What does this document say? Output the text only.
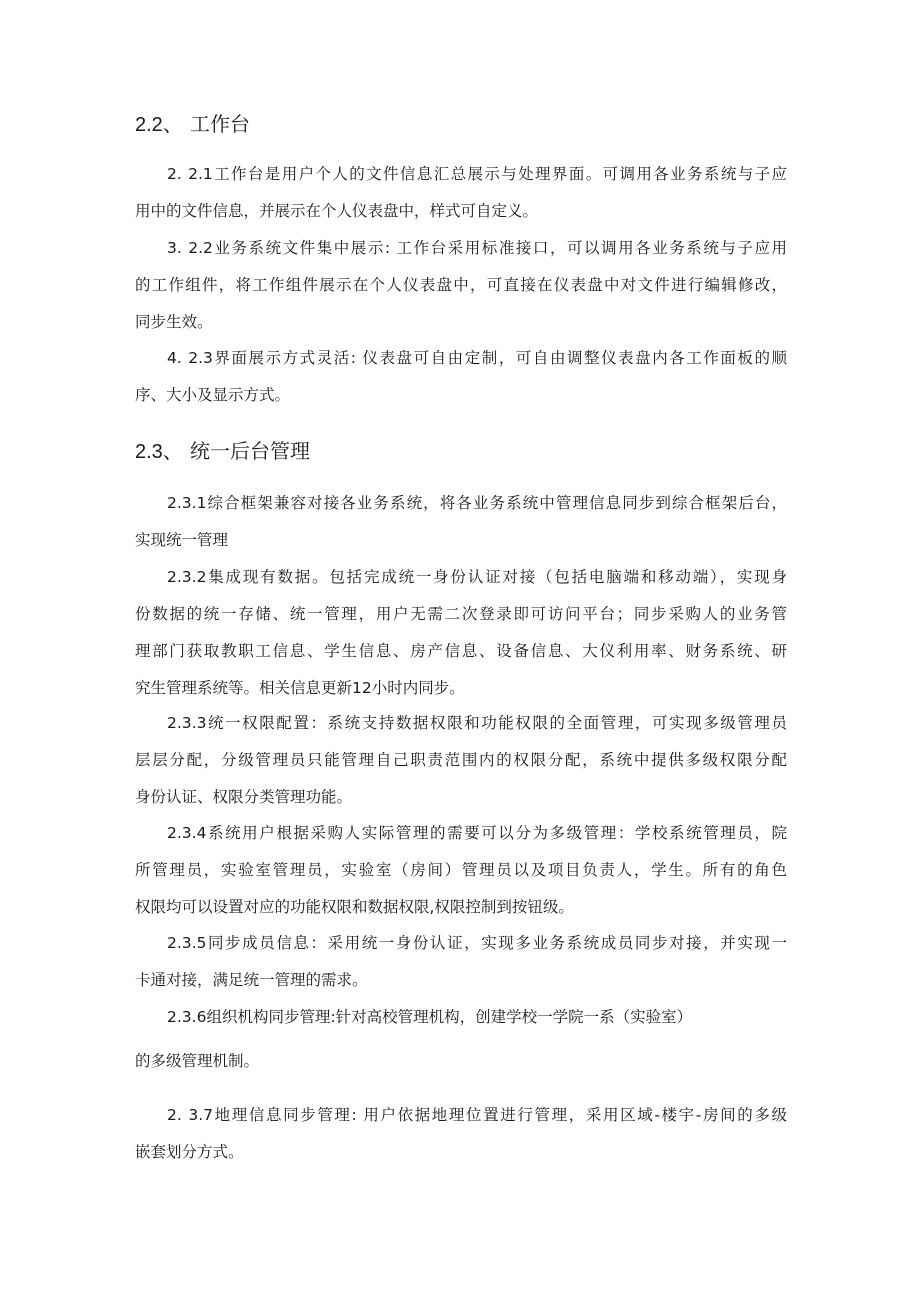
2.2、 工作台
2. 2.1工作台是用户个人的文件信息汇总展示与处理界面。可调用各业务系统与子应
用中的文件信息，并展示在个人仪表盘中，样式可自定义。
3. 2.2业务系统文件集中展示: 工作台采用标准接口，可以调用各业务系统与子应用
的工作组件，将工作组件展示在个人仪表盘中，可直接在仪表盘中对文件进行编辑修改，
同步生效。
4. 2.3界面展示方式灵活: 仪表盘可自由定制，可自由调整仪表盘内各工作面板的顺
序、大小及显示方式。
2.3、 统一后台管理
2.3.1综合框架兼容对接各业务系统，将各业务系统中管理信息同步到综合框架后台，
实现统一管理
2.3.2集成现有数据。包括完成统一身份认证对接（包括电脑端和移动端），实现身
份数据的统一存储、统一管理，用户无需二次登录即可访问平台；同步采购人的业务管
理部门获取教职工信息、学生信息、房产信息、设备信息、大仪利用率、财务系统、研
究生管理系统等。相关信息更新12小时内同步。
2.3.3统一权限配置：系统支持数据权限和功能权限的全面管理，可实现多级管理员
层层分配，分级管理员只能管理自己职责范围内的权限分配，系统中提供多级权限分配
身份认证、权限分类管理功能。
2.3.4系统用户根据采购人实际管理的需要可以分为多级管理：学校系统管理员，院
所管理员，实验室管理员，实验室（房间）管理员以及项目负责人，学生。所有的角色
权限均可以设置对应的功能权限和数据权限,权限控制到按钮级。
2.3.5同步成员信息：采用统一身份认证，实现多业务系统成员同步对接，并实现一
卡通对接，满足统一管理的需求。
2.3.6组织机构同步管理:针对高校管理机构，创建学校一学院一系（实验室）
的多级管理机制。
2. 3.7地理信息同步管理: 用户依据地理位置进行管理，采用区域-楼宇-房间的多级
嵌套划分方式。
